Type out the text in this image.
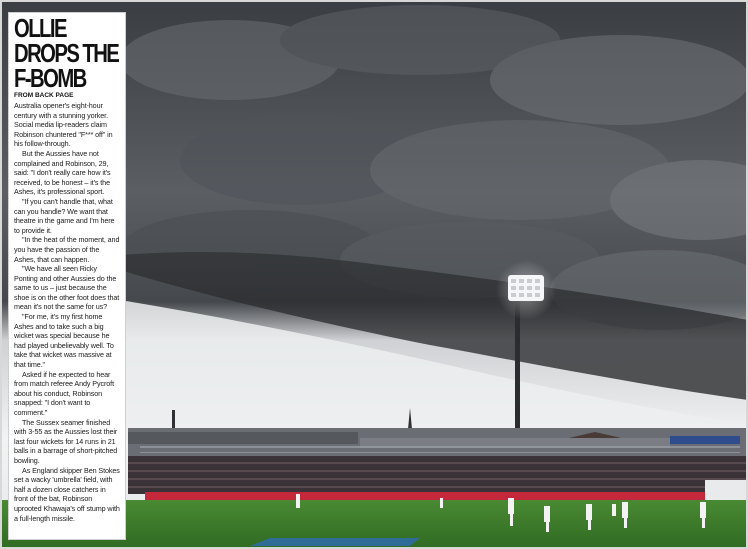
OLLIE DROPS THE F-BOMB
FROM BACK PAGE

Australia opener's eight-hour century with a stunning yorker. Social media lip-readers claim Robinson chuntered "F*** off" in his follow-through.

But the Aussies have not complained and Robinson, 29, said: "I don't really care how it's received, to be honest – it's the Ashes, it's professional sport.

"If you can't handle that, what can you handle? We want that theatre in the game and I'm here to provide it.

"In the heat of the moment, and you have the passion of the Ashes, that can happen.

"We have all seen Ricky Ponting and other Aussies do the same to us – just because the shoe is on the other foot does that mean it's not the same for us?

"For me, it's my first home Ashes and to take such a big wicket was special because he had played unbelievably well. To take that wicket was massive at that time."

Asked if he expected to hear from match referee Andy Pycroft about his conduct, Robinson snapped: "I don't want to comment."

The Sussex seamer finished with 3-55 as the Aussies lost their last four wickets for 14 runs in 21 balls in a barrage of short-pitched bowling.

As England skipper Ben Stokes set a wacky 'umbrella' field, with half a dozen close catchers in front of the bat, Robinson uprooted Khawaja's off stump with a full-length missile.
